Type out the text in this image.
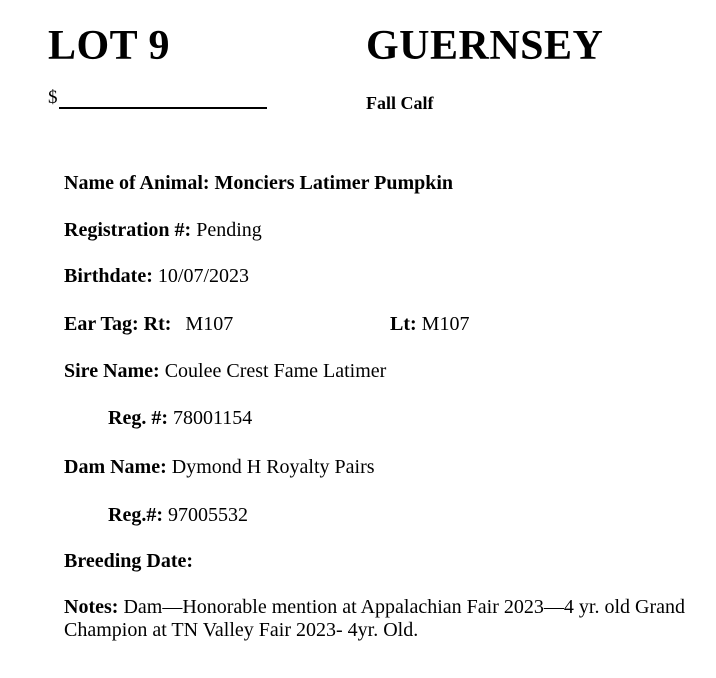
LOT 9	GUERNSEY
$	Fall Calf
Name of Animal: Monciers Latimer Pumpkin
Registration #: Pending
Birthdate: 10/07/2023
Ear Tag: Rt: M107	Lt: M107
Sire Name: Coulee Crest Fame Latimer
Reg. #: 78001154
Dam Name: Dymond H Royalty Pairs
Reg.#: 97005532
Breeding Date:
Notes: Dam—Honorable mention at Appalachian Fair 2023—4 yr. old Grand Champion at TN Valley Fair 2023- 4yr. Old.
